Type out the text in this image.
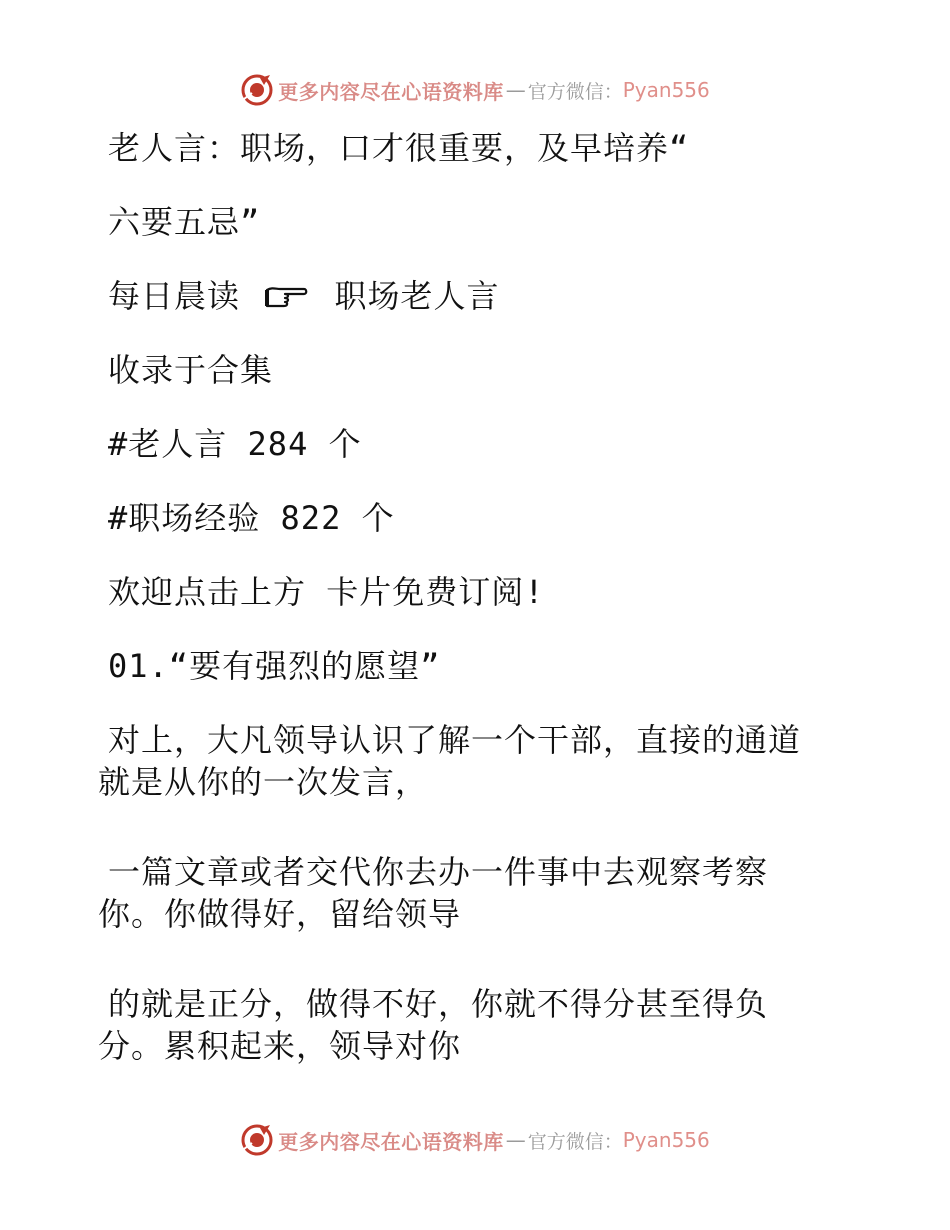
更多内容尽在心语资料库 — 官方微信： Pyan556
老人言：职场，口才很重要，及早培养“
六要五忌”
每日晨读	职场老人言
收录于合集
#老人言 284 个
#职场经验 822 个
欢迎点击上方 卡片免费订阅!
01.“要有强烈的愿望”
对上，大凡领导认识了解一个干部，直接的通道
就是从你的一次发言，
一篇文章或者交代你去办一件事中去观察考察
你。你做得好，留给领导
的就是正分，做得不好，你就不得分甚至得负
分。累积起来，领导对你
更多内容尽在心语资料库 — 官方微信： Pyan556
